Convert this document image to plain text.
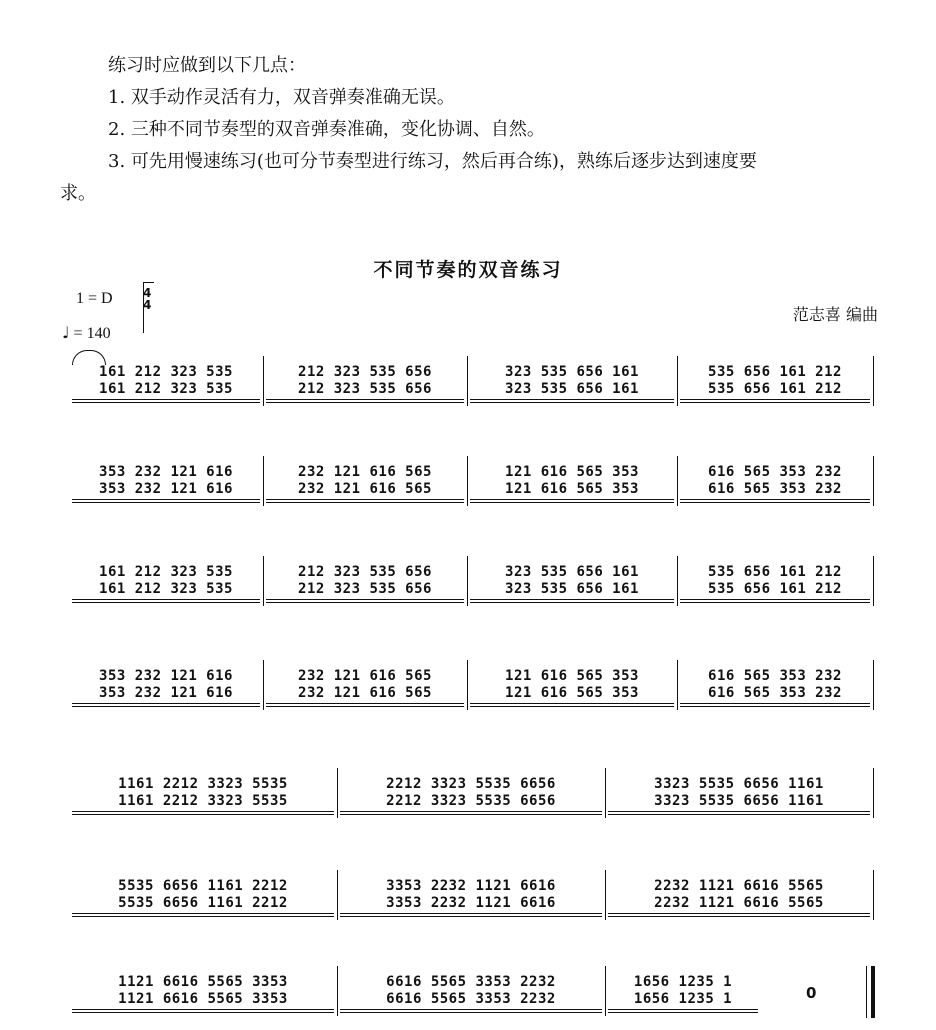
练习时应做到以下几点：

1. 双手动作灵活有力，双音弹奏准确无误。

2. 三种不同节奏型的双音弹奏准确，变化协调、自然。

3. 可先用慢速练习(也可分节奏型进行练习，然后再合练)，熟练后逐步达到速度要

求。

不同节奏的双音练习
1 = D	4
4
♩ = 140
范志喜 编曲
161 212 323 535
161 212 323 535
212 323 535 656
212 323 535 656
323 535 656 161
323 535 656 161
535 656 161 212
535 656 161 212
353 232 121 616
353 232 121 616
232 121 616 565
232 121 616 565
121 616 565 353
121 616 565 353
616 565 353 232
616 565 353 232
161 212 323 535
161 212 323 535
212 323 535 656
212 323 535 656
323 535 656 161
323 535 656 161
535 656 161 212
535 656 161 212
353 232 121 616
353 232 121 616
232 121 616 565
232 121 616 565
121 616 565 353
121 616 565 353
616 565 353 232
616 565 353 232
1161 2212 3323 5535
1161 2212 3323 5535
2212 3323 5535 6656
2212 3323 5535 6656
3323 5535 6656 1161
3323 5535 6656 1161
5535 6656 1161 2212
5535 6656 1161 2212
3353 2232 1121 6616
3353 2232 1121 6616
2232 1121 6616 5565
2232 1121 6616 5565
1121 6616 5565 3353
1121 6616 5565 3353
6616 5565 3353 2232
6616 5565 3353 2232
1656 1235 1
1656 1235 1	0
